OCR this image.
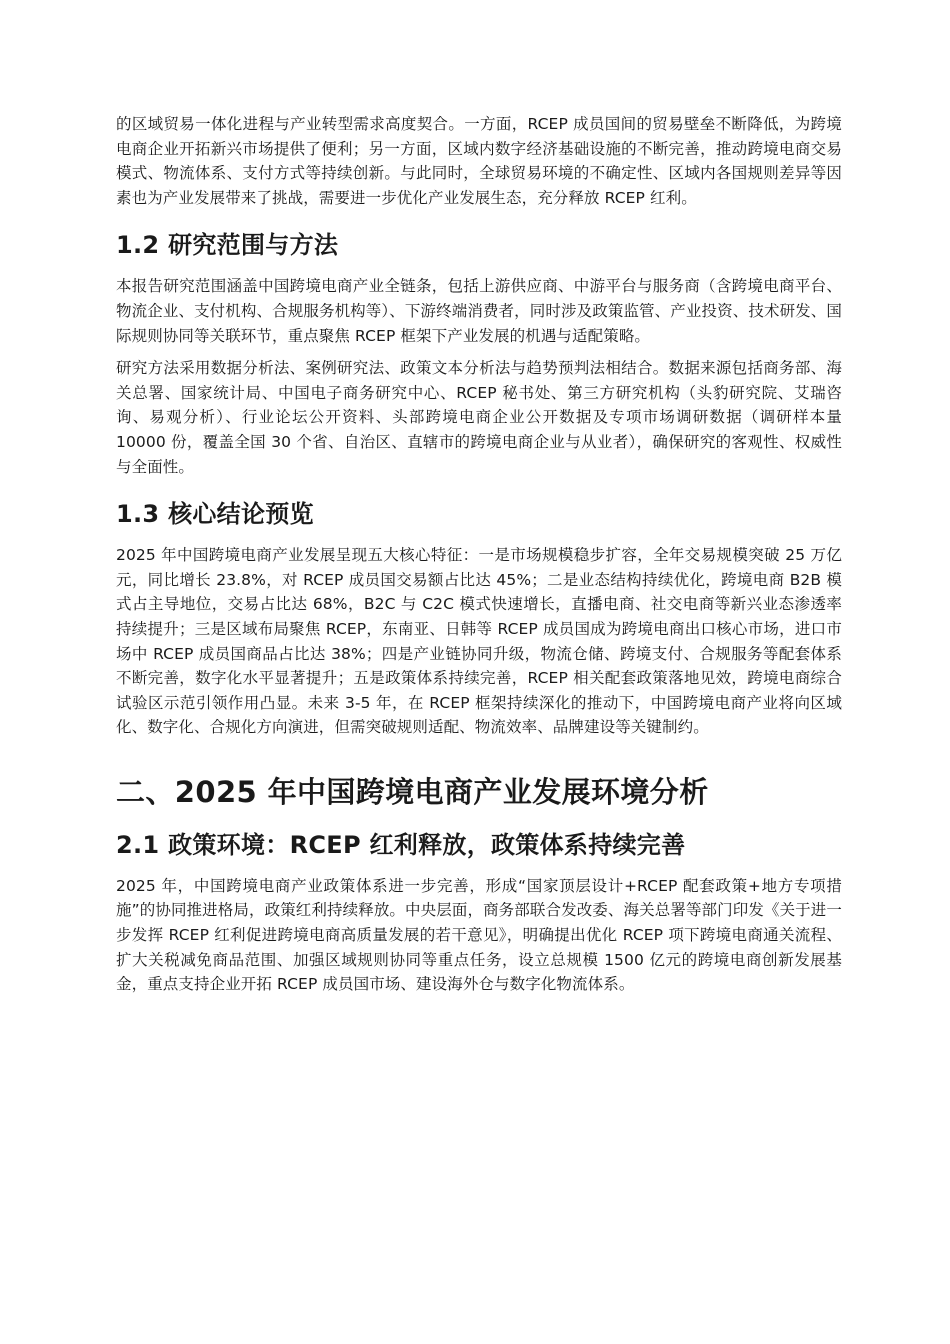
的区域贸易一体化进程与产业转型需求高度契合。一方面，RCEP 成员国间的贸易壁垒不断降低，为跨境电商企业开拓新兴市场提供了便利；另一方面，区域内数字经济基础设施的不断完善，推动跨境电商交易模式、物流体系、支付方式等持续创新。与此同时，全球贸易环境的不确定性、区域内各国规则差异等因素也为产业发展带来了挑战，需要进一步优化产业发展生态，充分释放 RCEP 红利。

1.2 研究范围与方法

本报告研究范围涵盖中国跨境电商产业全链条，包括上游供应商、中游平台与服务商（含跨境电商平台、物流企业、支付机构、合规服务机构等）、下游终端消费者，同时涉及政策监管、产业投资、技术研发、国际规则协同等关联环节，重点聚焦 RCEP 框架下产业发展的机遇与适配策略。

研究方法采用数据分析法、案例研究法、政策文本分析法与趋势预判法相结合。数据来源包括商务部、海关总署、国家统计局、中国电子商务研究中心、RCEP 秘书处、第三方研究机构（头豹研究院、艾瑞咨询、易观分析）、行业论坛公开资料、头部跨境电商企业公开数据及专项市场调研数据（调研样本量 10000 份，覆盖全国 30 个省、自治区、直辖市的跨境电商企业与从业者），确保研究的客观性、权威性与全面性。

1.3 核心结论预览

2025 年中国跨境电商产业发展呈现五大核心特征：一是市场规模稳步扩容，全年交易规模突破 25 万亿元，同比增长 23.8%，对 RCEP 成员国交易额占比达 45%；二是业态结构持续优化，跨境电商 B2B 模式占主导地位，交易占比达 68%，B2C 与 C2C 模式快速增长，直播电商、社交电商等新兴业态渗透率持续提升；三是区域布局聚焦 RCEP，东南亚、日韩等 RCEP 成员国成为跨境电商出口核心市场，进口市场中 RCEP 成员国商品占比达 38%；四是产业链协同升级，物流仓储、跨境支付、合规服务等配套体系不断完善，数字化水平显著提升；五是政策体系持续完善，RCEP 相关配套政策落地见效，跨境电商综合试验区示范引领作用凸显。未来 3-5 年，在 RCEP 框架持续深化的推动下，中国跨境电商产业将向区域化、数字化、合规化方向演进，但需突破规则适配、物流效率、品牌建设等关键制约。

二、2025 年中国跨境电商产业发展环境分析
2.1 政策环境：RCEP 红利释放，政策体系持续完善

2025 年，中国跨境电商产业政策体系进一步完善，形成“国家顶层设计+RCEP 配套政策+地方专项措施”的协同推进格局，政策红利持续释放。中央层面，商务部联合发改委、海关总署等部门印发《关于进一步发挥 RCEP 红利促进跨境电商高质量发展的若干意见》，明确提出优化 RCEP 项下跨境电商通关流程、扩大关税减免商品范围、加强区域规则协同等重点任务，设立总规模 1500 亿元的跨境电商创新发展基金，重点支持企业开拓 RCEP 成员国市场、建设海外仓与数字化物流体系。
